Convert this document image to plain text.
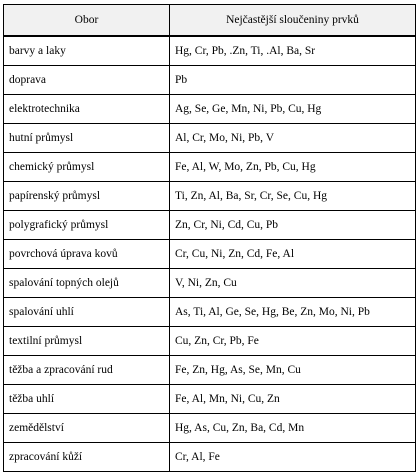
Obor	Nejčastější sloučeniny prvků
barvy a laky	Hg, Cr, Pb, .Zn, Ti, .Al, Ba, Sr
doprava	Pb
elektrotechnika	Ag, Se, Ge, Mn, Ni, Pb, Cu, Hg
hutní průmysl	Al, Cr, Mo, Ni, Pb, V
chemický průmysl	Fe, Al, W, Mo, Zn, Pb, Cu, Hg
papírenský průmysl	Ti, Zn, Al, Ba, Sr, Cr, Se, Cu, Hg
polygrafický průmysl	Zn, Cr, Ni, Cd, Cu, Pb
povrchová úprava kovů	Cr, Cu, Ni, Zn, Cd, Fe, Al
spalování topných olejů	V, Ni, Zn, Cu
spalování uhlí	As, Ti, Al, Ge, Se, Hg, Be, Zn, Mo, Ni, Pb
textilní průmysl	Cu, Zn, Cr, Pb, Fe
těžba a zpracování rud	Fe, Zn, Hg, As, Se, Mn, Cu
těžba uhlí	Fe, Al, Mn, Ni, Cu, Zn
zemědělství	Hg, As, Cu, Zn, Ba, Cd, Mn
zpracování kůží	Cr, Al, Fe
